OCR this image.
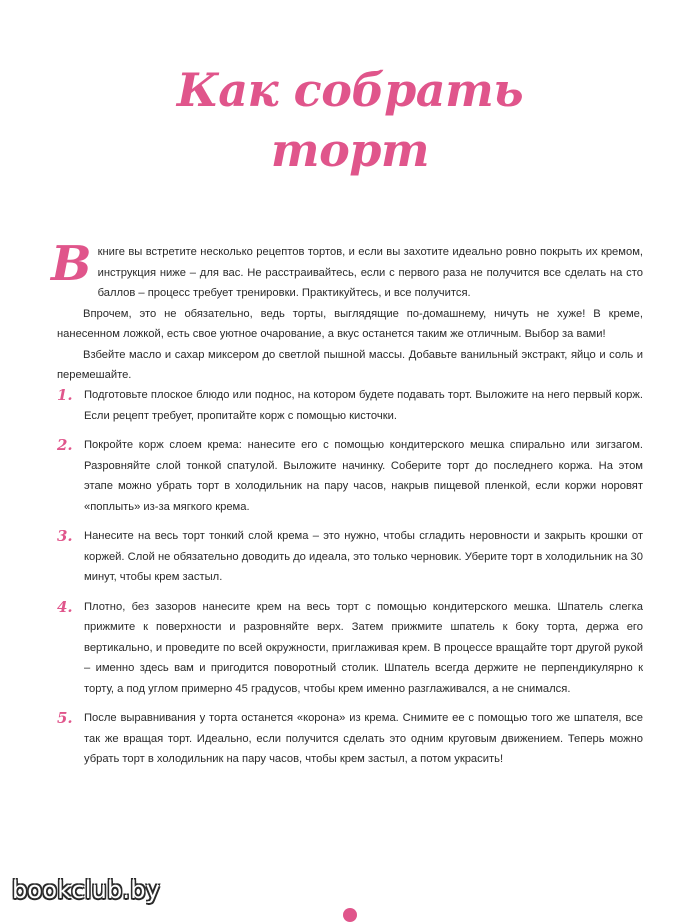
Как собрать
торт

Вкниге вы встретите несколько рецептов тортов, и если вы захотите идеально ровно покрыть их кремом, инструкция ниже – для вас. Не расстраивайтесь, если с первого раза не получится все сделать на сто баллов – процесс требует тренировки. Практикуйтесь, и все получится.

Впрочем, это не обязательно, ведь торты, выглядящие по-домашнему, ничуть не хуже! В креме, нанесенном ложкой, есть свое уютное очарование, а вкус останется таким же отличным. Выбор за вами!

Взбейте масло и сахар миксером до светлой пышной массы. Добавьте ванильный экстракт, яйцо и соль и перемешайте.

1.	Подготовьте плоское блюдо или поднос, на котором будете подавать торт. Выложите на него первый корж. Если рецепт требует, пропитайте корж с помощью кисточки.
2.	Покройте корж слоем крема: нанесите его с помощью кондитерского мешка спирально или зигзагом. Разровняйте слой тонкой спатулой. Выложите начинку. Соберите торт до последнего коржа. На этом этапе можно убрать торт в холодильник на пару часов, накрыв пищевой пленкой, если коржи норовят «поплыть» из-за мягкого крема.
3.	Нанесите на весь торт тонкий слой крема – это нужно, чтобы сгладить неровности и закрыть крошки от коржей. Слой не обязательно доводить до идеала, это только черновик. Уберите торт в холодильник на 30 минут, чтобы крем застыл.
4.	Плотно, без зазоров нанесите крем на весь торт с помощью кондитерского мешка. Шпатель слегка прижмите к поверхности и разровняйте верх. Затем прижмите шпатель к боку торта, держа его вертикально, и проведите по всей окружности, приглаживая крем. В процессе вращайте торт другой рукой – именно здесь вам и пригодится поворотный столик. Шпатель всегда держите не перпендикулярно к торту, а под углом примерно 45 градусов, чтобы крем именно разглаживался, а не снимался.
5.	После выравнивания у торта останется «корона» из крема. Снимите ее с помощью того же шпателя, все так же вращая торт. Идеально, если получится сделать это одним круговым движением. Теперь можно убрать торт в холодильник на пару часов, чтобы крем застыл, а потом украсить!
bookclub.by
